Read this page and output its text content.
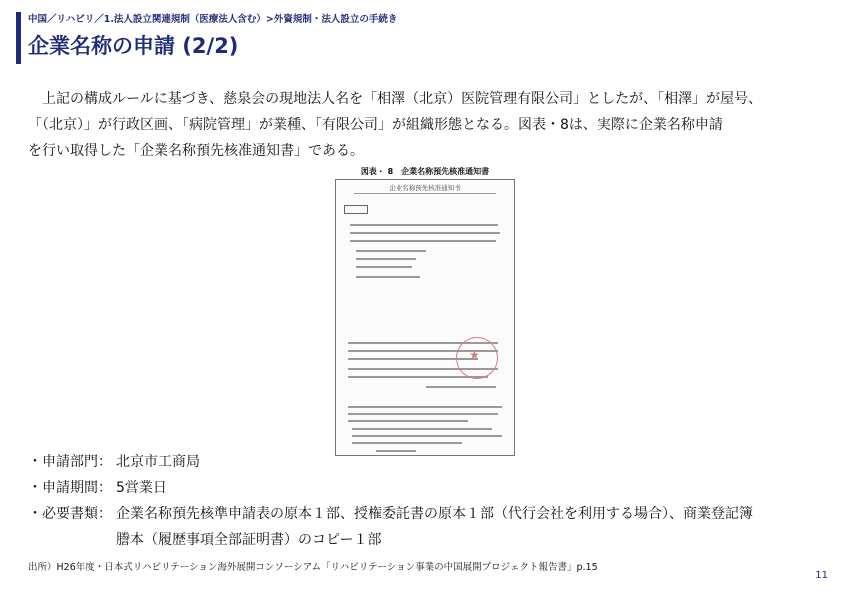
中国／リハビリ／1.法人設立関連規制（医療法人含む）>外資規制・法人設立の手続き
企業名称の申請 (2/2)

上記の構成ルールに基づき、慈泉会の現地法人名を「相澤（北京）医院管理有限公司」としたが、「相澤」が屋号、

「（北京）」が行政区画、「病院管理」が業種、「有限公司」が組織形態となる。図表・8は、実際に企業名称申請

を行い取得した「企業名称預先核准通知書」である。

図表・ 8　企業名称預先核准通知書
企业名称预先核准通知书
★
・申請部門： 北京市工商局
・申請期間： 5営業日
・必要書類： 企業名称預先核準申請表の原本１部、授権委託書の原本１部（代行会社を利用する場合）、商業登記簿
謄本（履歴事項全部証明書）のコピー１部
出所）H26年度・日本式リハビリテーション海外展開コンソーシアム「リハビリテーション事業の中国展開プロジェクト報告書」p.15
11
